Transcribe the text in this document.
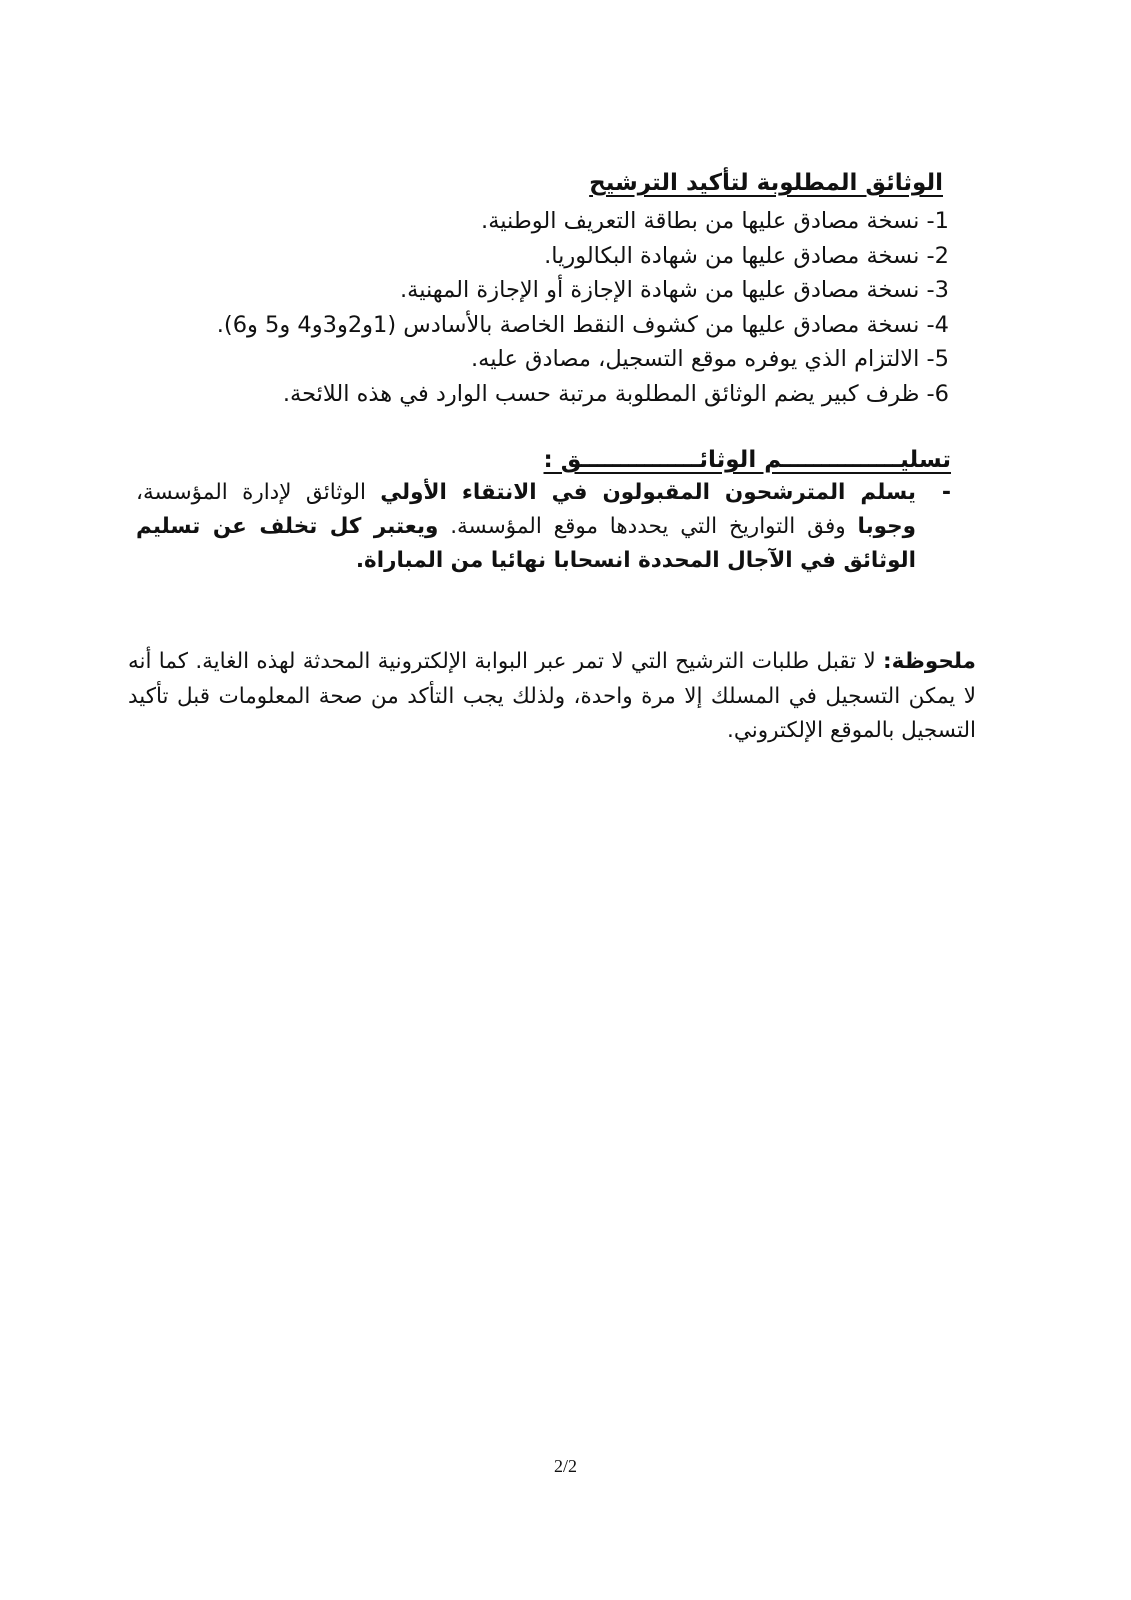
الوثائق المطلوبة لتأكيد الترشيح
1- نسخة مصادق عليها من بطاقة التعريف الوطنية.
2- نسخة مصادق عليها من شهادة البكالوريا.
3- نسخة مصادق عليها من شهادة الإجازة أو الإجازة المهنية.
4- نسخة مصادق عليها من كشوف النقط الخاصة بالأسادس (1و2و3و4 و5 و6).
5- الالتزام الذي يوفره موقع التسجيل، مصادق عليه.
6- ظرف كبير يضم الوثائق المطلوبة مرتبة حسب الوارد في هذه اللائحة.
تسليـــــــــــــــم الوثائـــــــــــــــق :
-
يسلم المترشحون المقبولون في الانتقاء الأولي الوثائق لإدارة المؤسسة، وجوبا وفق التواريخ التي يحددها موقع المؤسسة. ويعتبر كل تخلف عن تسليم الوثائق في الآجال المحددة انسحابا نهائيا من المباراة.
ملحوظة: لا تقبل طلبات الترشيح التي لا تمر عبر البوابة الإلكترونية المحدثة لهذه الغاية. كما أنه لا يمكن التسجيل في المسلك إلا مرة واحدة، ولذلك يجب التأكد من صحة المعلومات قبل تأكيد التسجيل بالموقع الإلكتروني.
2/2
